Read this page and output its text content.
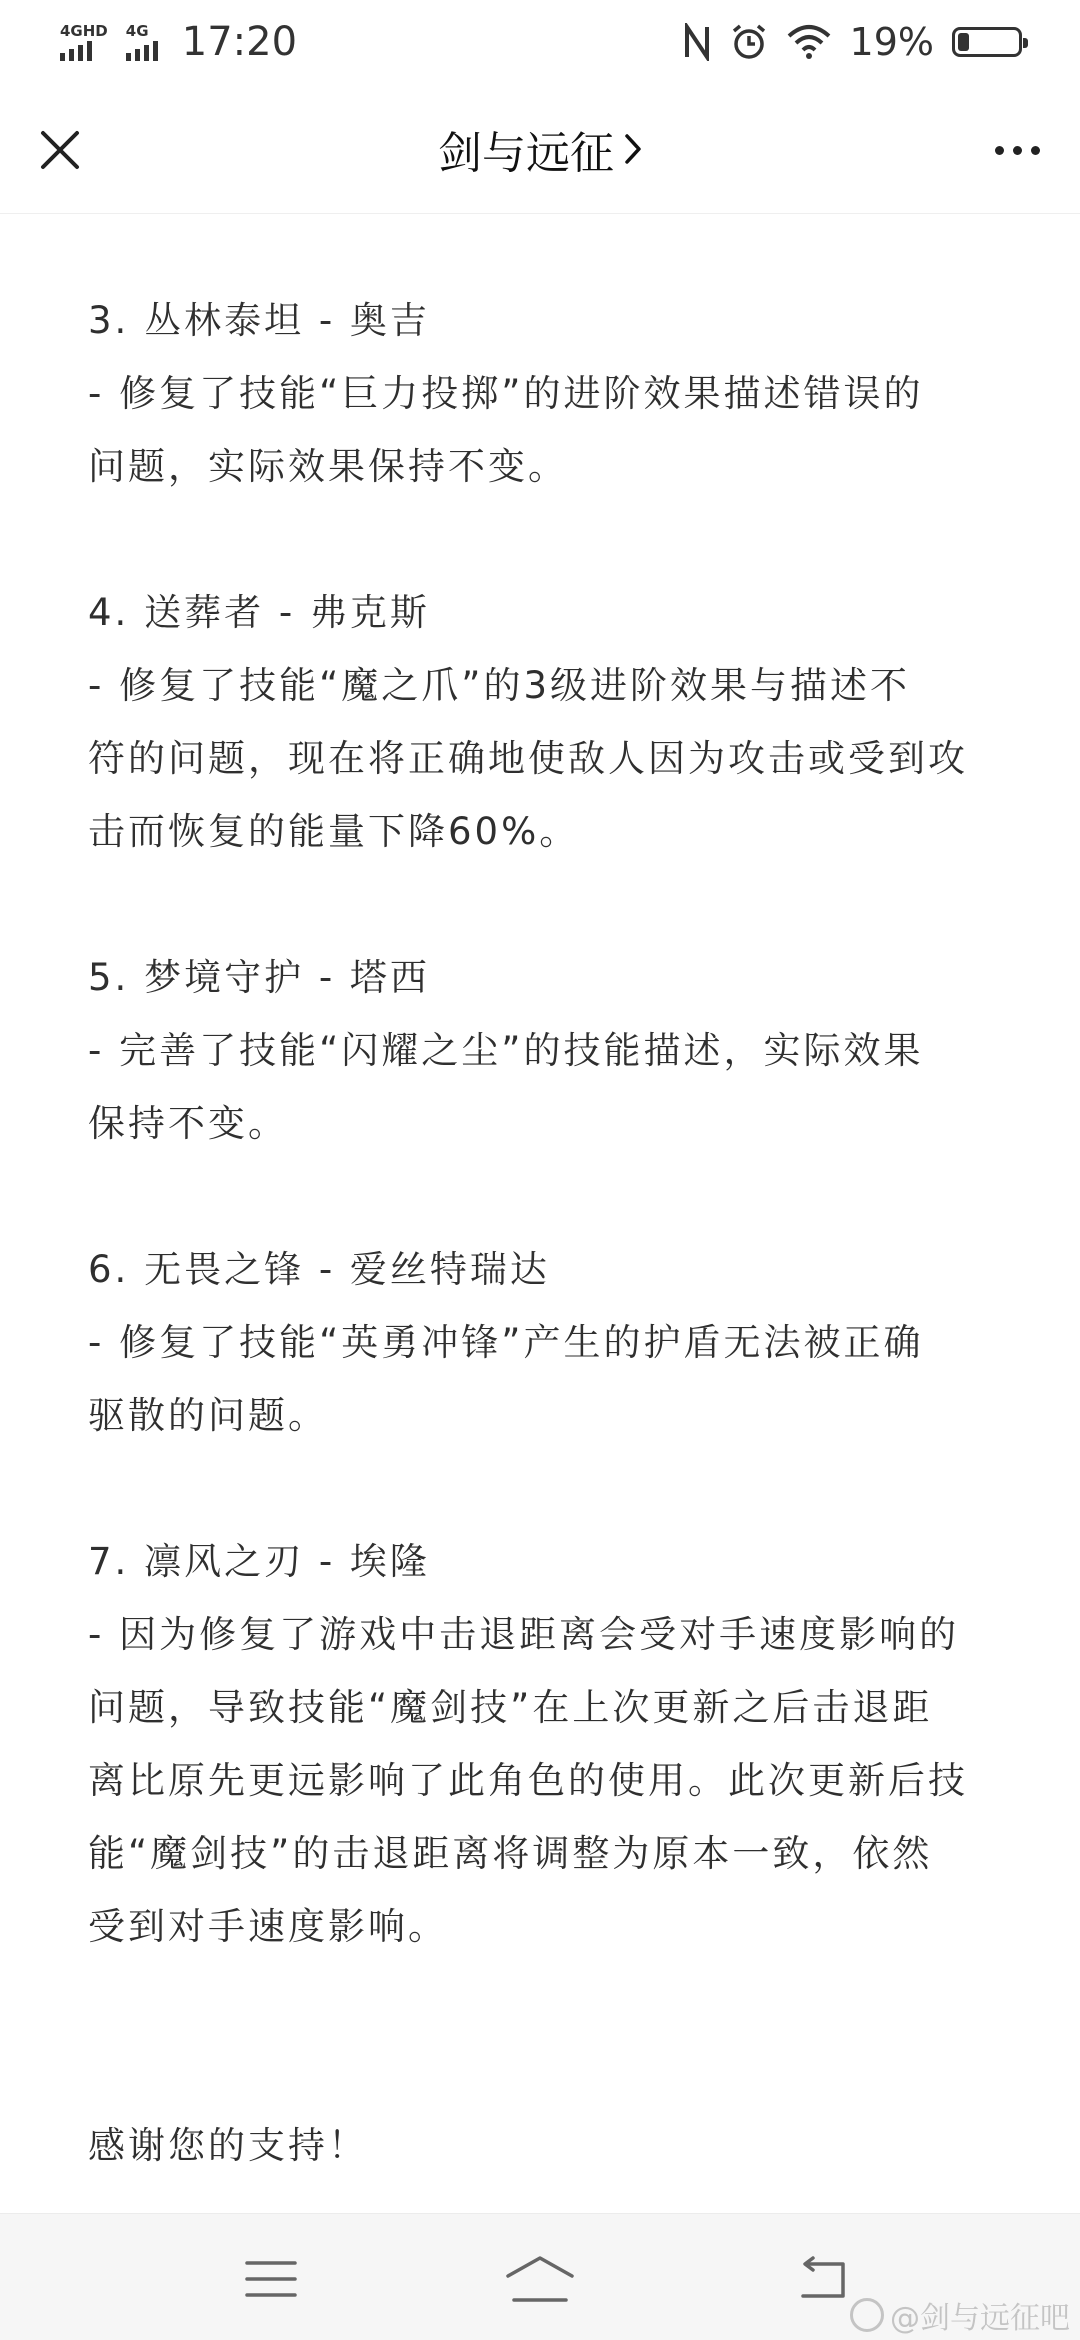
4GHD 4G 17:20	19%
剑与远征
3. 丛林泰坦 - 奥吉
- 修复了技能“巨力投掷”的进阶效果描述错误的
问题，实际效果保持不变。
4. 送葬者 - 弗克斯
- 修复了技能“魔之爪”的3级进阶效果与描述不
符的问题，现在将正确地使敌人因为攻击或受到攻
击而恢复的能量下降60%。
5. 梦境守护 - 塔西
- 完善了技能“闪耀之尘”的技能描述，实际效果
保持不变。
6. 无畏之锋 - 爱丝特瑞达
- 修复了技能“英勇冲锋”产生的护盾无法被正确
驱散的问题。
7. 凛风之刃 - 埃隆
- 因为修复了游戏中击退距离会受对手速度影响的
问题，导致技能“魔剑技”在上次更新之后击退距
离比原先更远影响了此角色的使用。此次更新后技
能“魔剑技”的击退距离将调整为原本一致，依然
受到对手速度影响。
感谢您的支持！
@剑与远征吧
